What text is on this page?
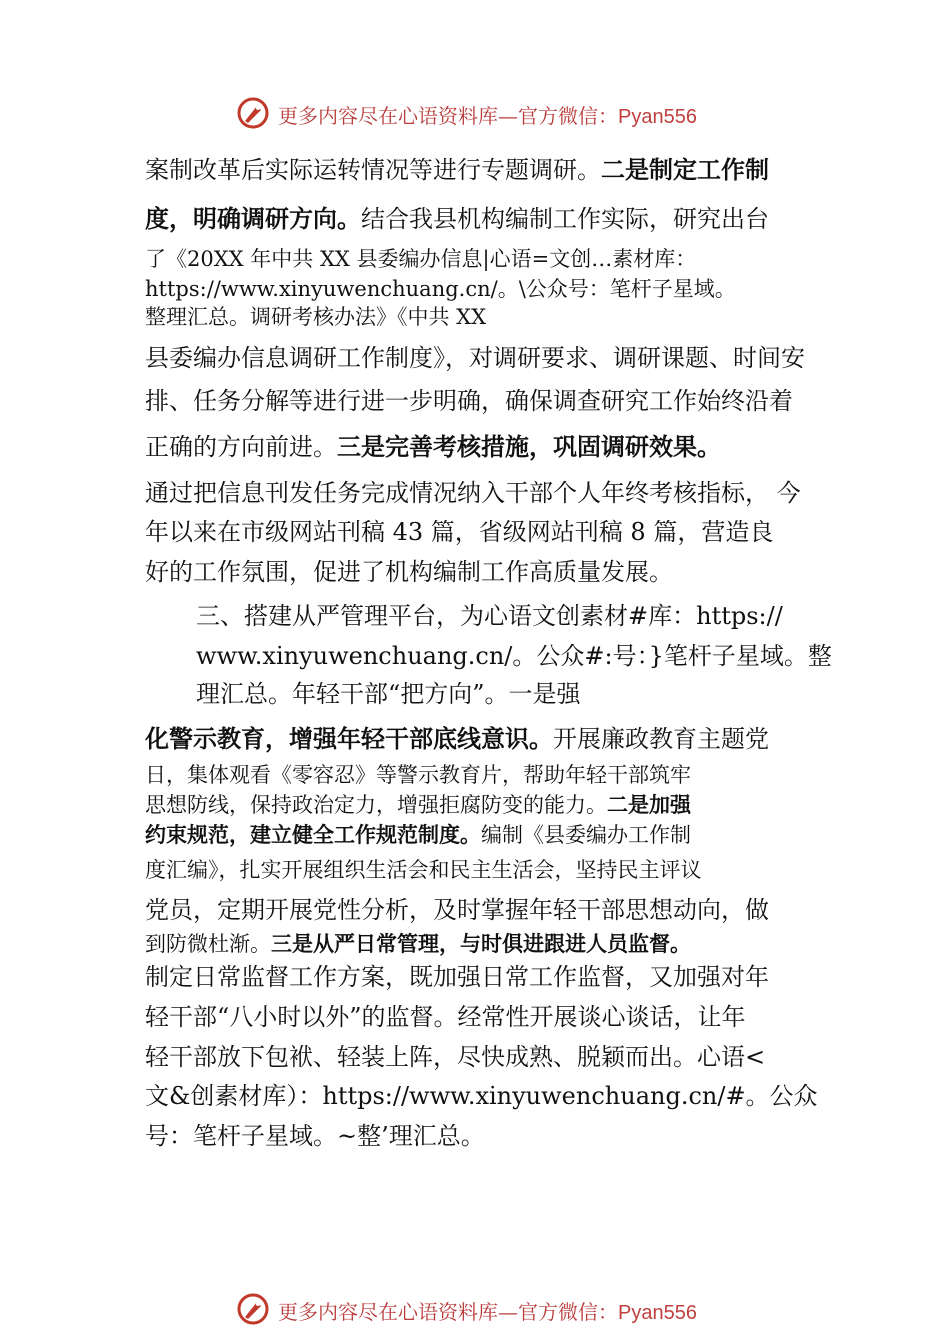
更多内容尽在心语资料库—官方微信：Pyan556
案制改革后实际运转情况等进行专题调研。二是制定工作制
度，明确调研方向。结合我县机构编制工作实际，研究出台
了《20XX 年中共 XX 县委编办信息|心语=文创…素材库：
https://www.xinyuwenchuang.cn/。\公众号：笔杆子星域。
整理汇总。调研考核办法》《中共 XX
县委编办信息调研工作制度》，对调研要求、调研课题、时间安
排、任务分解等进行进一步明确，确保调查研究工作始终沿着
正确的方向前进。三是完善考核措施，巩固调研效果。
通过把信息刊发任务完成情况纳入干部个人年终考核指标， 今
年以来在市级网站刊稿 43 篇，省级网站刊稿 8 篇，营造良
好的工作氛围，促进了机构编制工作高质量发展。
三、搭建从严管理平台，为心语文创素材#库：https://
www.xinyuwenchuang.cn/。公众#:号：}笔杆子星域。整
理汇总。年轻干部“把方向”。一是强
化警示教育，增强年轻干部底线意识。开展廉政教育主题党
日，集体观看《零容忍》等警示教育片，帮助年轻干部筑牢
思想防线，保持政治定力，增强拒腐防变的能力。二是加强
约束规范，建立健全工作规范制度。编制《县委编办工作制
度汇编》，扎实开展组织生活会和民主生活会，坚持民主评议
党员，定期开展党性分析，及时掌握年轻干部思想动向，做
到防微杜渐。三是从严日常管理，与时俱进跟进人员监督。
制定日常监督工作方案，既加强日常工作监督，又加强对年
轻干部“八小时以外”的监督。经常性开展谈心谈话，让年
轻干部放下包袱、轻装上阵，尽快成熟、脱颖而出。心语<
文&创素材库）：https://www.xinyuwenchuang.cn/#。公众
号：笔杆子星域。~整’理汇总。
更多内容尽在心语资料库—官方微信：Pyan556
